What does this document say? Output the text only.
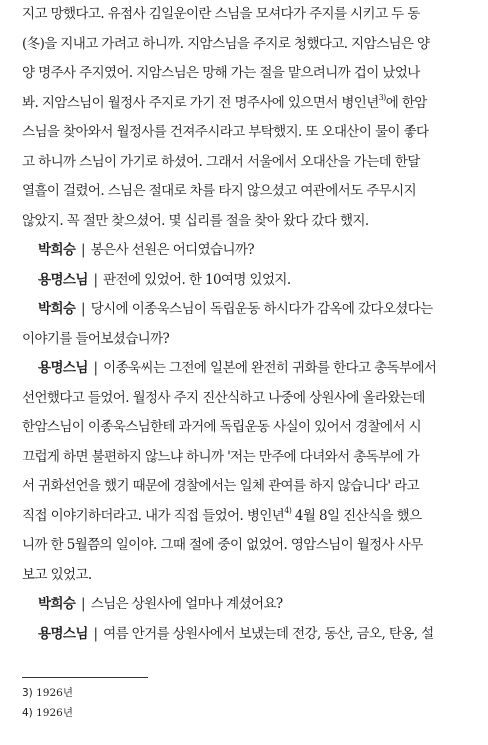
지고 망했다고. 유점사 김일운이란 스님을 모셔다가 주지를 시키고 두 동
(冬)을 지내고 가려고 하니까. 지암스님을 주지로 청했다고. 지암스님은 양
양 명주사 주지였어. 지암스님은 망해 가는 절을 맡으려니까 겁이 났었나
봐. 지암스님이 월정사 주지로 가기 전 명주사에 있으면서 병인년$^{3)}$에 한암
스님을 찾아와서 월정사를 건져주시라고 부탁했지. 또 오대산이 물이 좋다
고 하니까 스님이 가기로 하셨어. 그래서 서울에서 오대산을 가는데 한달
열흘이 걸렸어. 스님은 절대로 차를 타지 않으셨고 여관에서도 주무시지
않았지. 꼭 절만 찾으셨어. 몇 십리를 절을 찾아 왔다 갔다 했지.
박희승 | 봉은사 선원은 어디였습니까?
용명스님 | 판전에 있었어. 한 10여명 있었지.
박희승 | 당시에 이종욱스님이 독립운동 하시다가 감옥에 갔다오셨다는
이야기를 들어보셨습니까?
용명스님 | 이종욱씨는 그전에 일본에 완전히 귀화를 한다고 총독부에서
선언했다고 들었어. 월정사 주지 진산식하고 나중에 상원사에 올라왔는데
한암스님이 이종욱스님한테 과거에 독립운동 사실이 있어서 경찰에서 시
끄럽게 하면 불편하지 않느냐 하니까 '저는 만주에 다녀와서 총독부에 가
서 귀화선언을 했기 때문에 경찰에서는 일체 관여를 하지 않습니다' 라고
직접 이야기하더라고. 내가 직접 들었어. 병인년$^{4)}$ 4월 8일 진산식을 했으
니까 한 5월쯤의 일이야. 그때 절에 중이 없었어. 영암스님이 월정사 사무
보고 있었고.
박희승 | 스님은 상원사에 얼마나 계셨어요?
용명스님 | 여름 안거를 상원사에서 보냈는데 전강, 동산, 금오, 탄옹, 설
3) 1926년
4) 1926년
